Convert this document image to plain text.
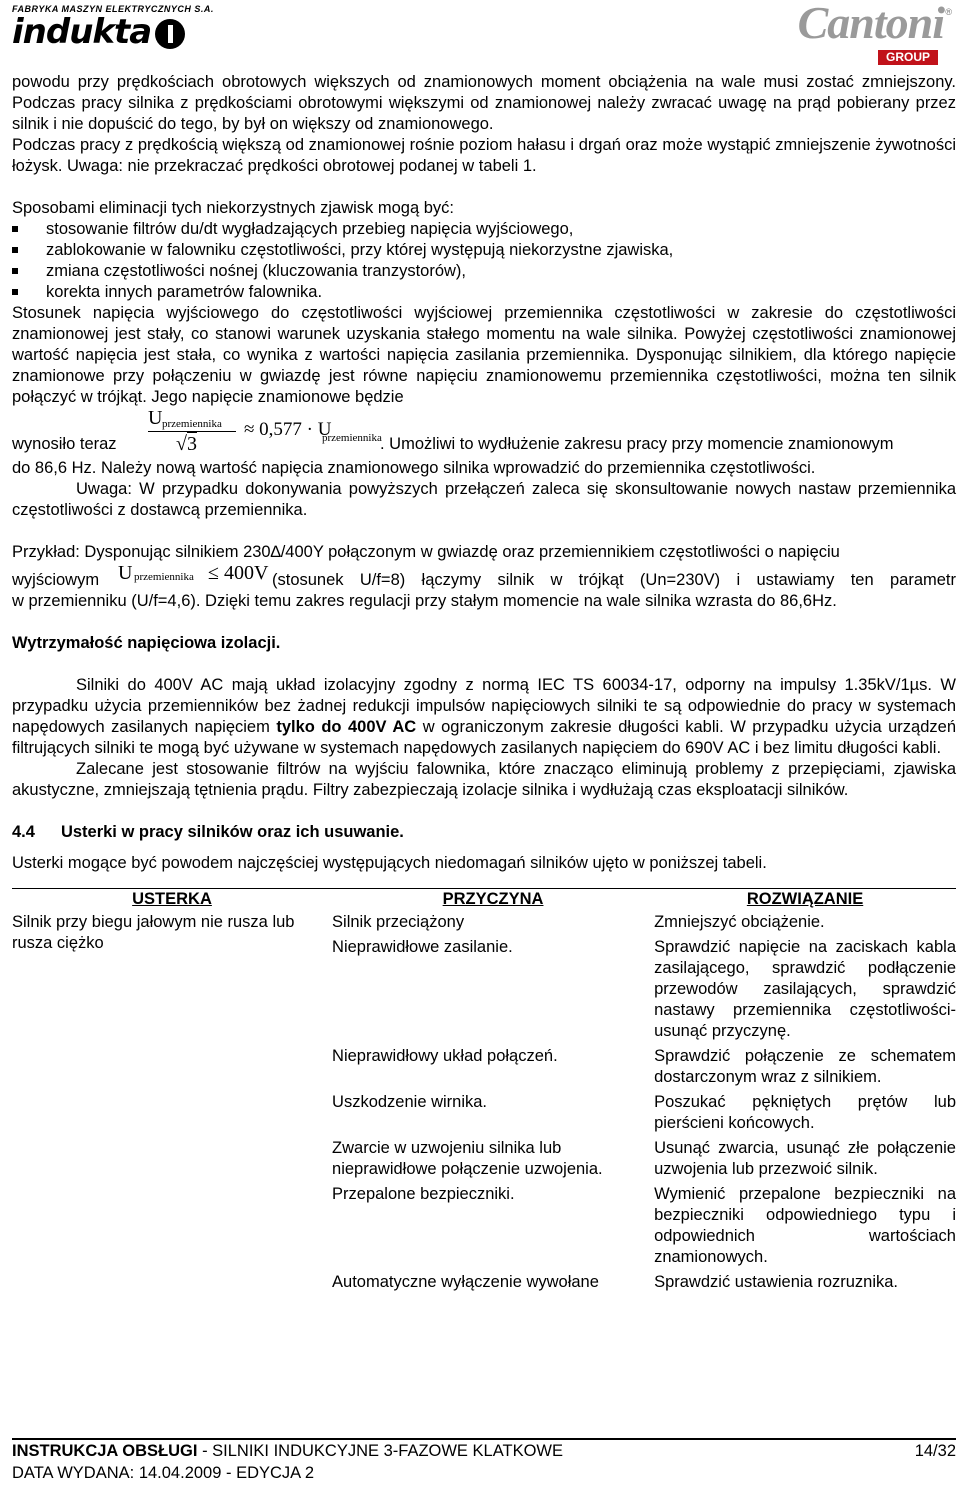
FABRYKA MASZYN ELEKTRYCZNYCH S.A.
indukta	Cantoni
GROUP
®

powodu przy prędkościach obrotowych większych od znamionowych moment obciążenia na wale musi zostać zmniejszony. Podczas pracy silnika z prędkościami obrotowymi większymi od znamionowej należy zwracać uwagę na prąd pobierany przez silnik i nie dopuścić do tego, by był on większy od znamionowego.

Podczas pracy z prędkością większą od znamionowej rośnie poziom hałasu i drgań oraz może wystąpić zmniejszenie żywotności łożysk. Uwaga: nie przekraczać prędkości obrotowej podanej w tabeli 1.

Sposobami eliminacji tych niekorzystnych zjawisk mogą być:

stosowanie filtrów du/dt wygładzających przebieg napięcia wyjściowego,
zablokowanie w falowniku częstotliwości, przy której występują niekorzystne zjawiska,
zmiana częstotliwości nośnej (kluczowania tranzystorów),
korekta innych parametrów falownika.

Stosunek napięcia wyjściowego do częstotliwości wyjściowej przemiennika częstotliwości w zakresie do częstotliwości znamionowej jest stały, co stanowi warunek uzyskania stałego momentu na wale silnika. Powyżej częstotliwości znamionowej wartość napięcia jest stała, co wynika z wartości napięcia zasilania przemiennika. Dysponując silnikiem, dla którego napięcie znamionowe przy połączeniu w gwiazdę jest równe napięciu znamionowemu przemiennika częstotliwości, można ten silnik połączyć w trójkąt. Jego napięcie znamionowe będzie

wynosiło teraz
U przemiennika
√3
≈ 0,577 · U
przemiennika
. Umożliwi to wydłużenie zakresu pracy przy momencie znamionowym

do 86,6 Hz. Należy nową wartość napięcia znamionowego silnika wprowadzić do przemiennika częstotliwości.

Uwaga: W przypadku dokonywania powyższych przełączeń zaleca się skonsultowanie nowych nastaw przemiennika częstotliwości z dostawcą przemiennika.

Przykład: Dysponując silnikiem 230∆/400Y połączonym w gwiazdę oraz przemiennikiem częstotliwości o napięciu

wyjściowym U przemiennika ≤ 400V (stosunek U/f=8) łączymy silnik w trójkąt (Un=230V) i ustawiamy ten parametr

w przemienniku (U/f=4,6). Dzięki temu zakres regulacji przy stałym momencie na wale silnika wzrasta do 86,6Hz.

Wytrzymałość napięciowa izolacji.

Silniki do 400V AC mają układ izolacyjny zgodny z normą IEC TS 60034-17, odporny na impulsy 1.35kV/1µs. W przypadku użycia przemienników bez żadnej redukcji impulsów napięciowych silniki te są odpowiednie do pracy w systemach napędowych zasilanych napięciem tylko do 400V AC w ograniczonym zakresie długości kabli. W przypadku użycia urządzeń filtrujących silniki te mogą być używane w systemach napędowych zasilanych napięciem do 690V AC i bez limitu długości kabli.

Zalecane jest stosowanie filtrów na wyjściu falownika, które znacząco eliminują problemy z przepięciami, zjawiska akustyczne, zmniejszają tętnienia prądu. Filtry zabezpieczają izolacje silnika i wydłużają czas eksploatacji silników.

4.4 Usterki w pracy silników oraz ich usuwanie.

Usterki mogące być powodem najczęściej występujących niedomagań silników ujęto w poniższej tabeli.

USTERKA	PRZYCZYNA	ROZWIĄZANIE
Silnik przy biegu jałowym nie rusza lub rusza ciężko	Silnik przeciążony	Zmniejszyć obciążenie.
	Nieprawidłowe zasilanie.	Sprawdzić napięcie na zaciskach kabla zasilającego, sprawdzić podłączenie przewodów zasilających, sprawdzić nastawy przemiennika częstotliwości-usunąć przyczynę.
	Nieprawidłowy układ połączeń.	Sprawdzić połączenie ze schematem dostarczonym wraz z silnikiem.
	Uszkodzenie wirnika.	Poszukać pękniętych prętów lub pierścieni końcowych.
	Zwarcie w uzwojeniu silnika lub nieprawidłowe połączenie uzwojenia.	Usunąć zwarcia, usunąć złe połączenie uzwojenia lub przezwoić silnik.
	Przepalone bezpieczniki.	Wymienić przepalone bezpieczniki na bezpieczniki odpowiedniego typu i odpowiednich wartościach znamionowych.
	Automatyczne wyłączenie wywołane	Sprawdzić ustawienia rozruznika.
INSTRUKCJA OBSŁUGI - SILNIKI INDUKCYJNE 3-FAZOWE KLATKOWE	14/32
DATA WYDANA: 14.04.2009 - EDYCJA 2
